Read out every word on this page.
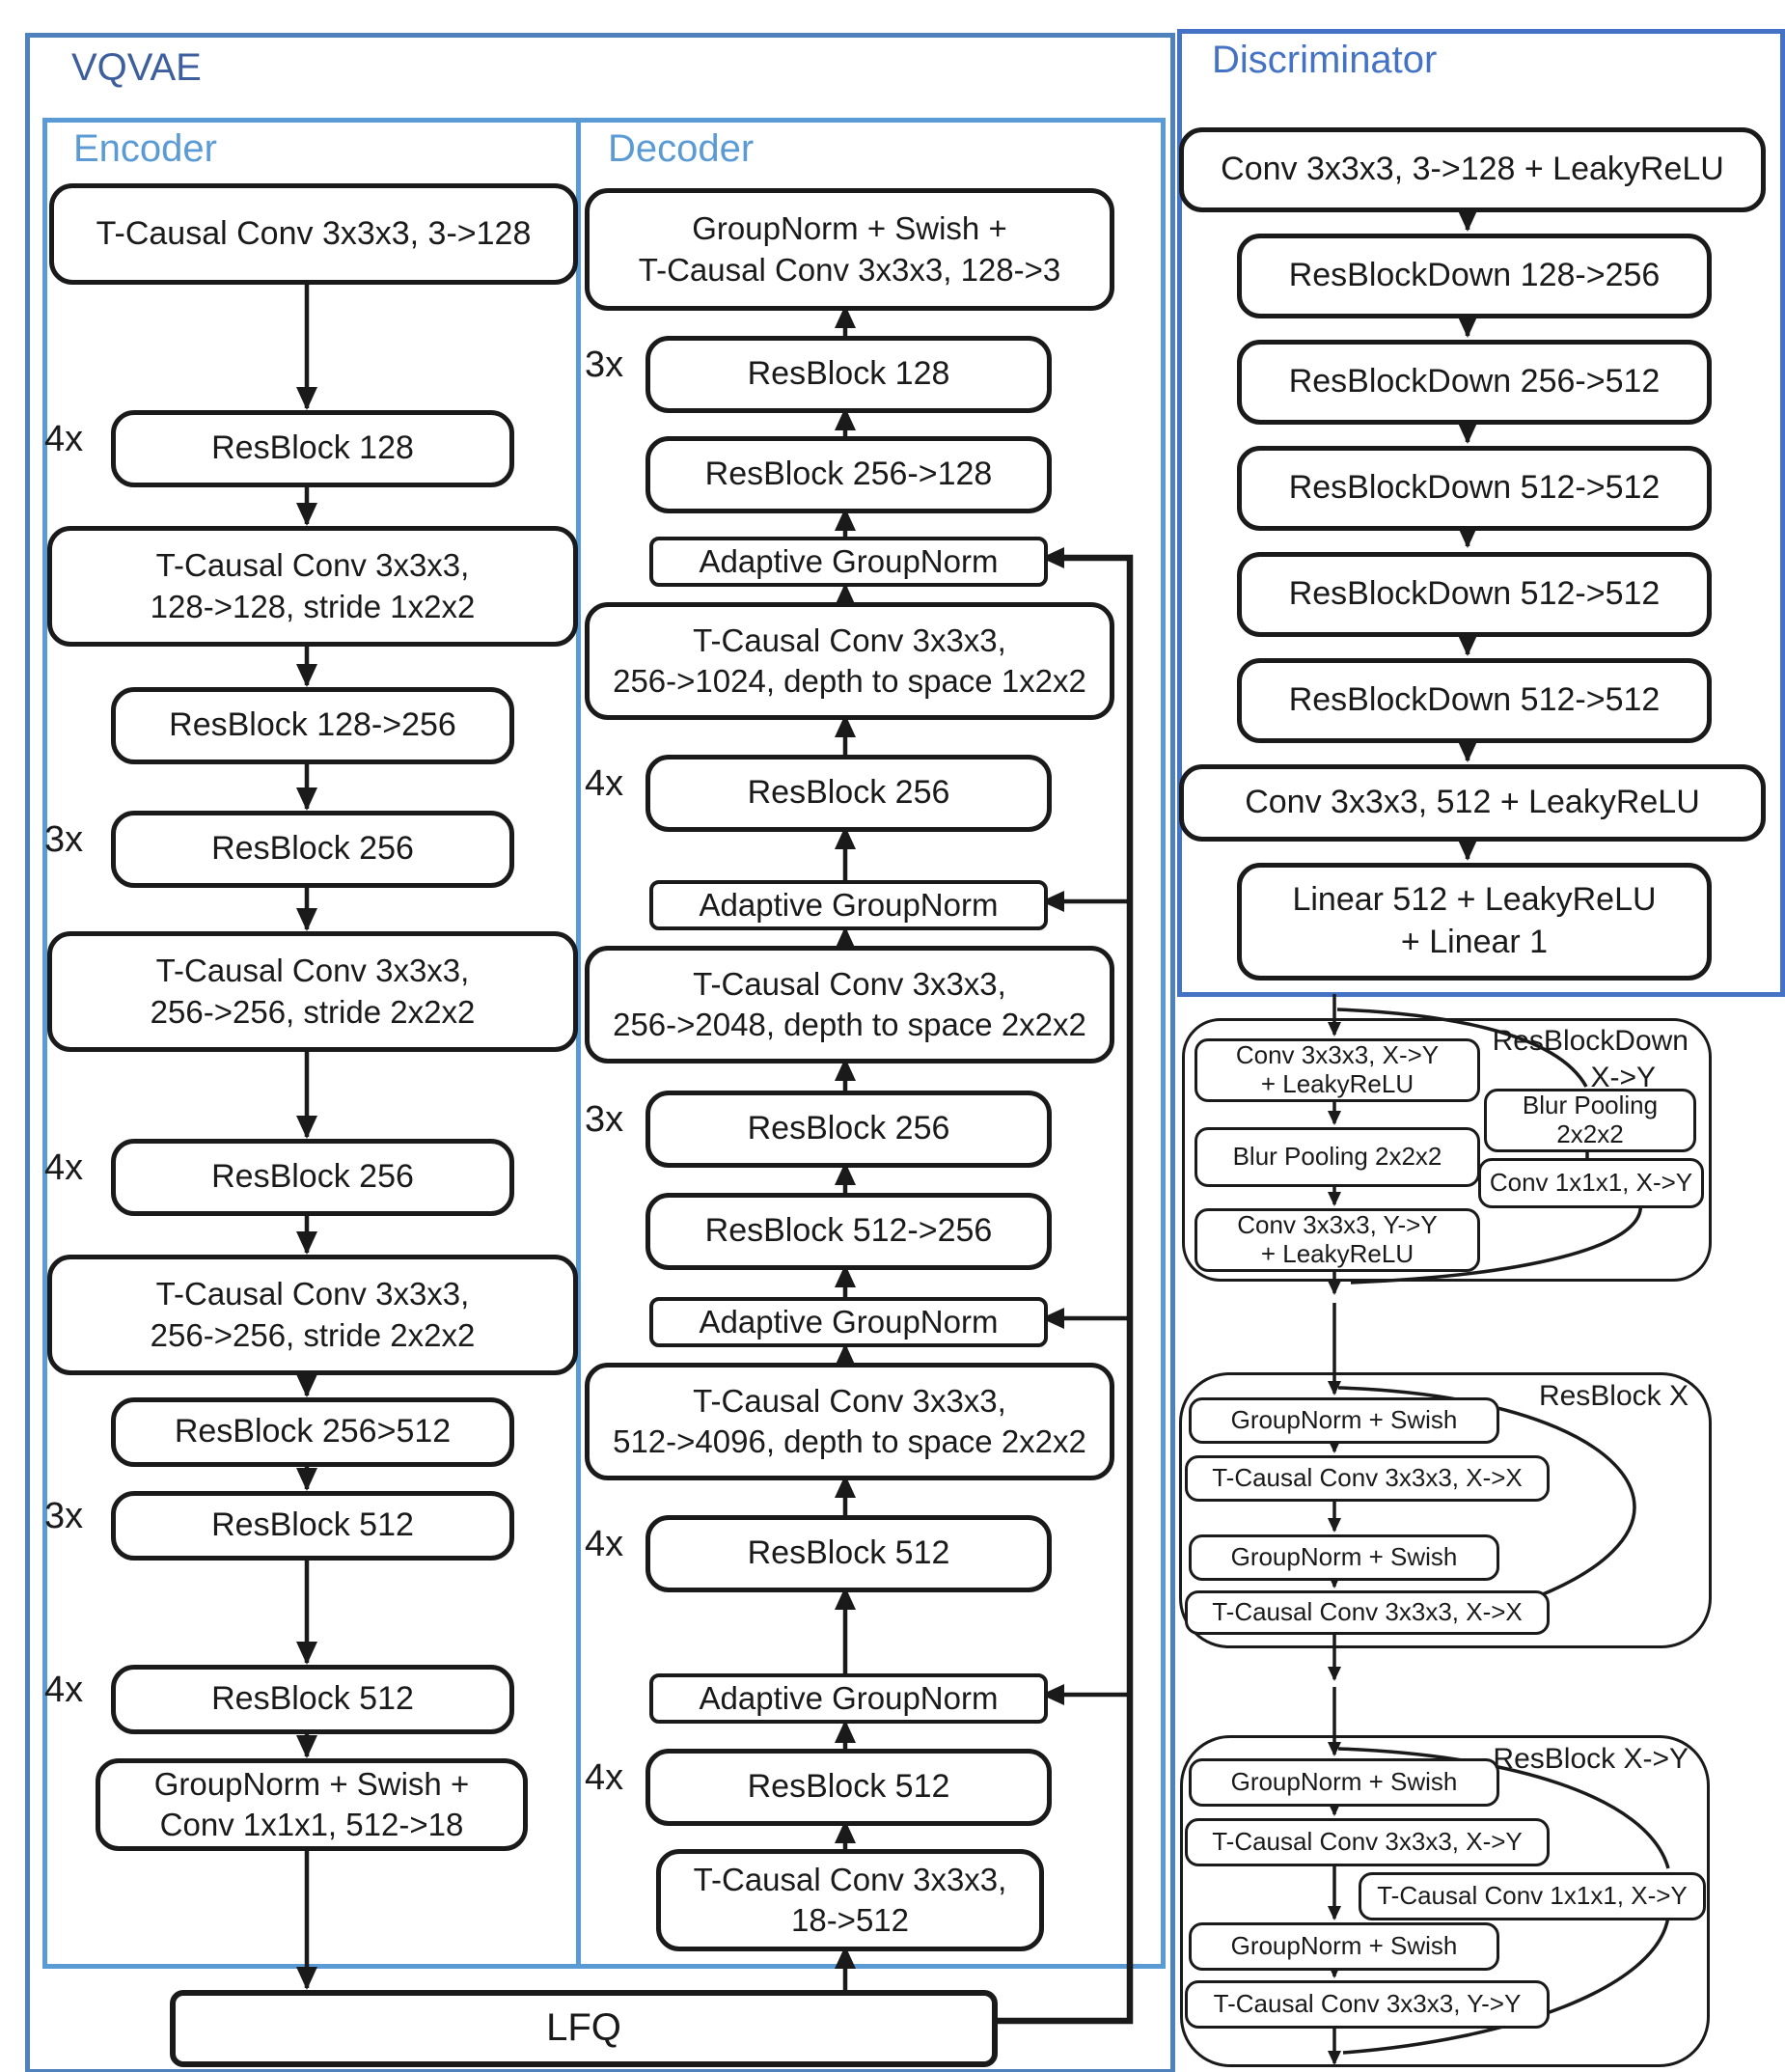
VQVAE
Encoder	Decoder
Discriminator
T-Causal Conv 3x3x3, 3->128
4x	ResBlock 128
T-Causal Conv 3x3x3,
128->128, stride 1x2x2
ResBlock 128->256
3x	ResBlock 256
T-Causal Conv 3x3x3,
256->256, stride 2x2x2
4x	ResBlock 256
T-Causal Conv 3x3x3,
256->256, stride 2x2x2
ResBlock 256>512
3x	ResBlock 512
4x	ResBlock 512
GroupNorm + Swish +
Conv 1x1x1, 512->18
GroupNorm + Swish +
T-Causal Conv 3x3x3, 128->3
3x	ResBlock 128
ResBlock 256->128
Adaptive GroupNorm
T-Causal Conv 3x3x3,
256->1024, depth to space 1x2x2
4x	ResBlock 256
Adaptive GroupNorm
T-Causal Conv 3x3x3,
256->2048, depth to space 2x2x2
3x	ResBlock 256
ResBlock 512->256
Adaptive GroupNorm
T-Causal Conv 3x3x3,
512->4096, depth to space 2x2x2
4x	ResBlock 512
Adaptive GroupNorm
4x	ResBlock 512
T-Causal Conv 3x3x3,
18->512
LFQ
Conv 3x3x3, 3->128 + LeakyReLU
ResBlockDown 128->256
ResBlockDown 256->512
ResBlockDown 512->512
ResBlockDown 512->512
ResBlockDown 512->512
Conv 3x3x3, 512 + LeakyReLU
Linear 512 + LeakyReLU
+ Linear 1
ResBlockDown
X->Y
Conv 3x3x3, X->Y
+ LeakyReLU
Blur Pooling 2x2x2
Conv 3x3x3, Y->Y
+ LeakyReLU
Blur Pooling
2x2x2
Conv 1x1x1, X->Y
ResBlock X
GroupNorm + Swish
T-Causal Conv 3x3x3, X->X
GroupNorm + Swish
T-Causal Conv 3x3x3, X->X
ResBlock X->Y
GroupNorm + Swish
T-Causal Conv 3x3x3, X->Y
T-Causal Conv 1x1x1, X->Y
GroupNorm + Swish
T-Causal Conv 3x3x3, Y->Y
